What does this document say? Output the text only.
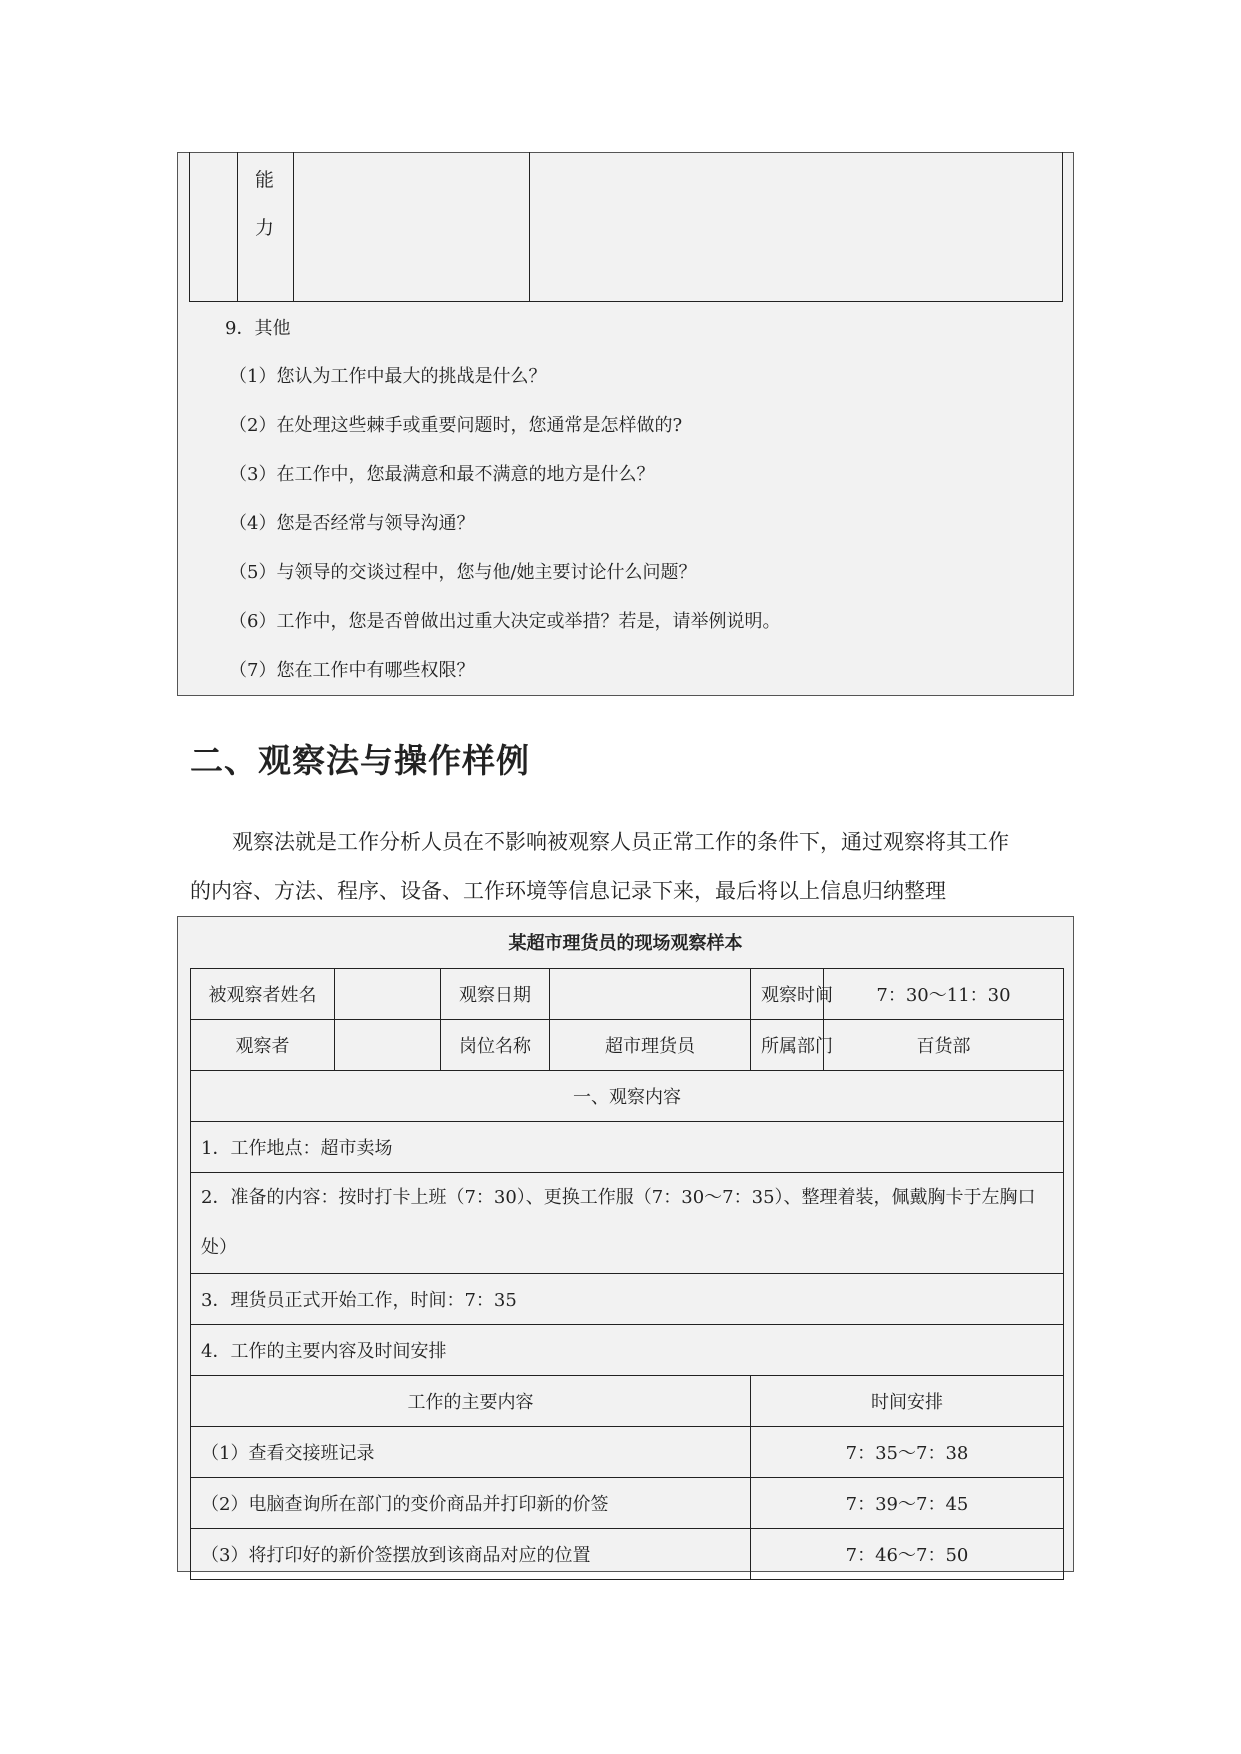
能
力
9．其他
（1）您认为工作中最大的挑战是什么？
（2）在处理这些棘手或重要问题时，您通常是怎样做的?
（3）在工作中，您最满意和最不满意的地方是什么？
（4）您是否经常与领导沟通？
（5）与领导的交谈过程中，您与他/她主要讨论什么问题？
（6）工作中，您是否曾做出过重大决定或举措？若是，请举例说明。
（7）您在工作中有哪些权限？
二、观察法与操作样例
观察法就是工作分析人员在不影响被观察人员正常工作的条件下，通过观察将其工作
的内容、方法、程序、设备、工作环境等信息记录下来，最后将以上信息归纳整理
某超市理货员的现场观察样本
被观察者姓名		观察日期		观察时间	7：30～11：30
观察者		岗位名称	超市理货员	所属部门	百货部
一、观察内容					
1．工作地点：超市卖场					
2．准备的内容：按时打卡上班（7：30）、更换工作服（7：30～7：35）、整理着装，佩戴胸卡于左胸口处）					
3．理货员正式开始工作，时间：7：35					
4．工作的主要内容及时间安排					
工作的主要内容				时间安排	
（1）查看交接班记录				7：35～7：38	
（2）电脑查询所在部门的变价商品并打印新的价签				7：39～7：45	
（3）将打印好的新价签摆放到该商品对应的位置				7：46～7：50	
